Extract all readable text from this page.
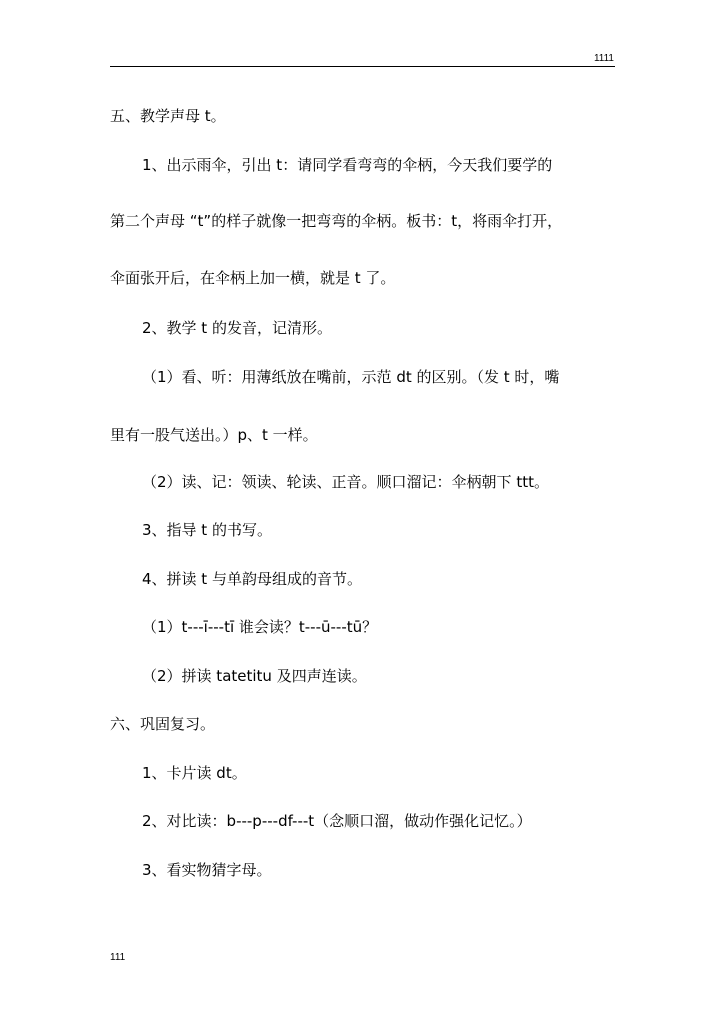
1111
五、教学声母 t。
1、出示雨伞，引出 t：请同学看弯弯的伞柄，今天我们要学的
第二个声母 “t”的样子就像一把弯弯的伞柄。板书：t，将雨伞打开，
伞面张开后，在伞柄上加一横，就是 t 了。
2、教学 t 的发音，记清形。
（1）看、听：用薄纸放在嘴前，示范 dt 的区别。（发 t 时，嘴
里有一股气送出。）p、t 一样。
（2）读、记：领读、轮读、正音。顺口溜记：伞柄朝下 ttt。
3、指导 t 的书写。
4、拼读 t 与单韵母组成的音节。
（1）t---ī---tī 谁会读？t---ū---tū？
（2）拼读 tatetitu 及四声连读。
六、巩固复习。
1、卡片读 dt。
2、对比读：b---p---df---t（念顺口溜，做动作强化记忆。）
3、看实物猜字母。
111
